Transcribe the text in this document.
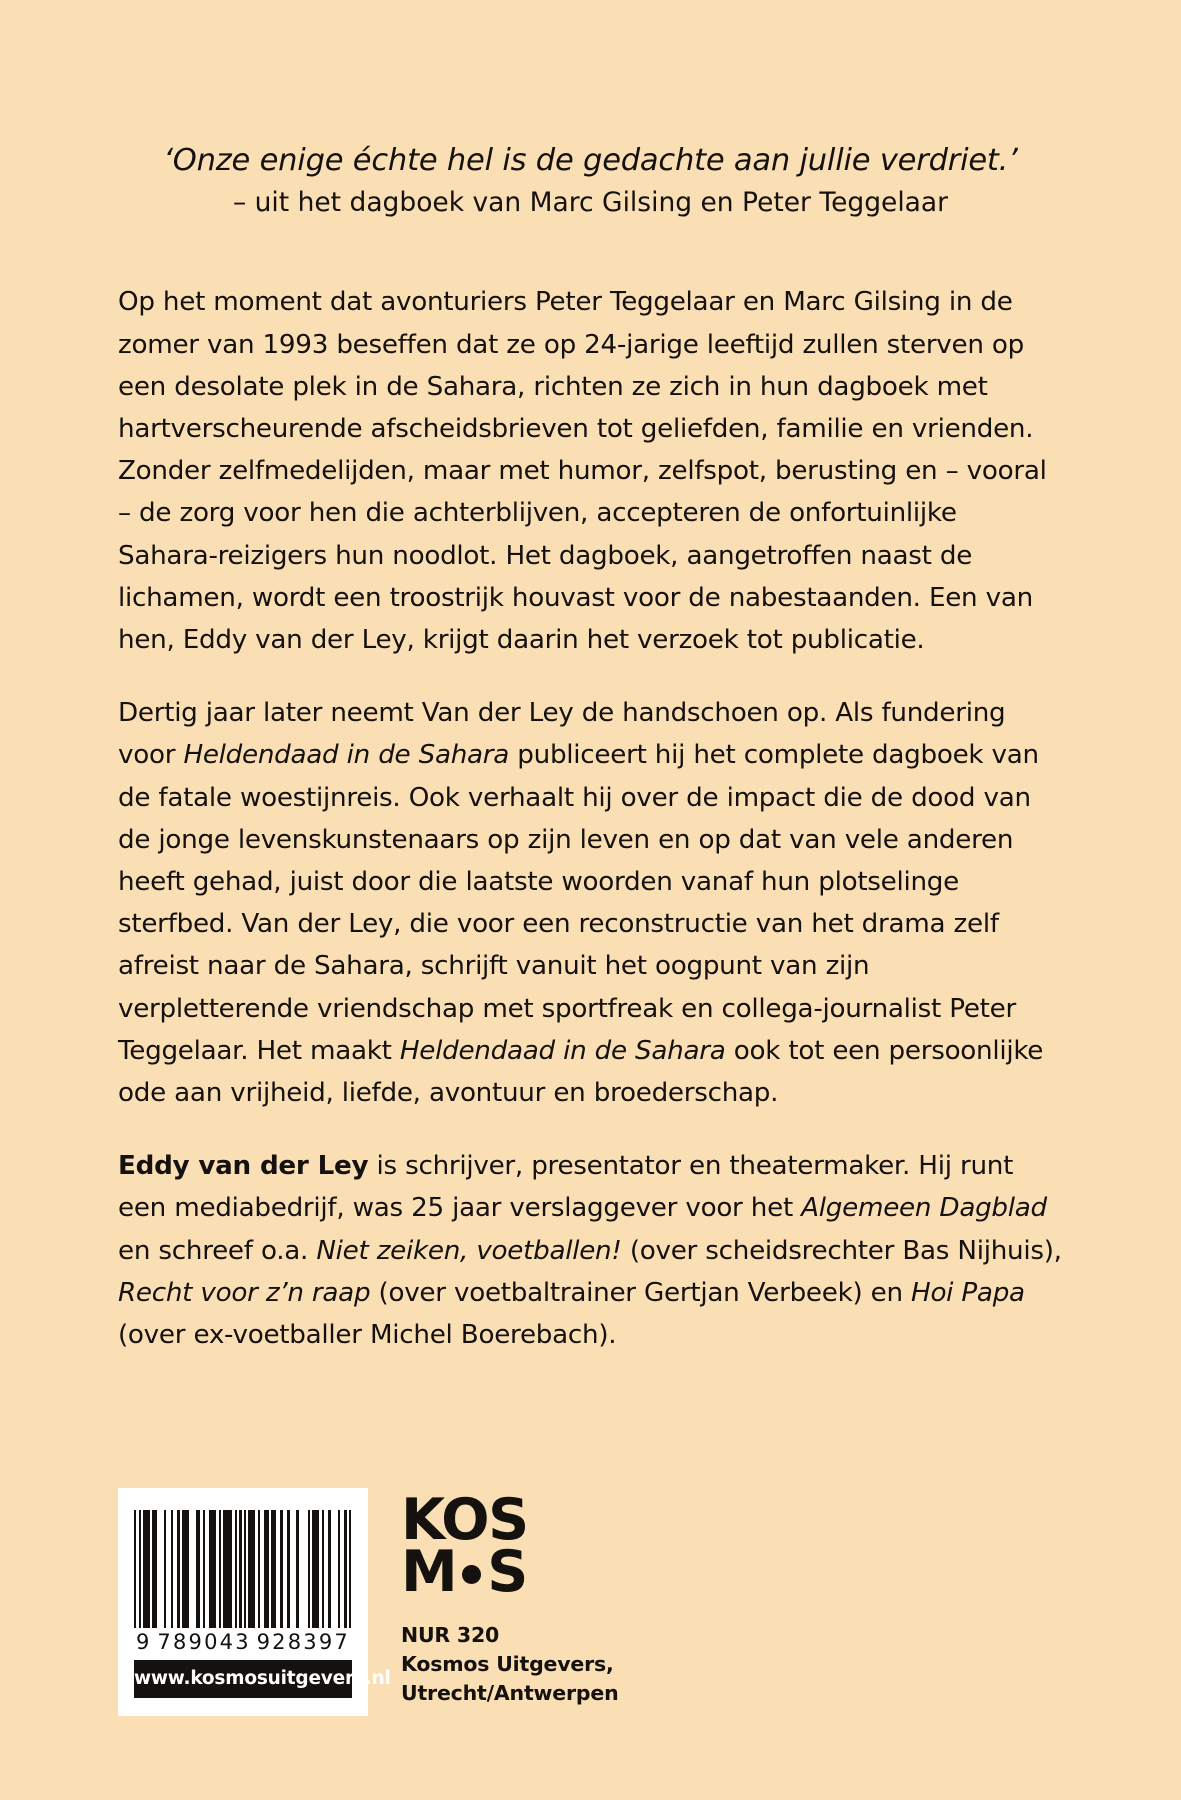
‘Onze enige échte hel is de gedachte aan jullie verdriet.’
– uit het dagboek van Marc Gilsing en Peter Teggelaar

Op het moment dat avonturiers Peter Teggelaar en Marc Gilsing in de zomer van 1993 beseffen dat ze op 24-jarige leeftijd zullen sterven op een desolate plek in de Sahara, richten ze zich in hun dagboek met hartverscheurende afscheidsbrieven tot geliefden, familie en vrienden. Zonder zelfmedelijden, maar met humor, zelfspot, berusting en – vooral – de zorg voor hen die achterblijven, accepteren de onfortuinlijke Sahara-reizigers hun noodlot. Het dagboek, aangetroffen naast de lichamen, wordt een troostrijk houvast voor de nabestaanden. Een van hen, Eddy van der Ley, krijgt daarin het verzoek tot publicatie.

Dertig jaar later neemt Van der Ley de handschoen op. Als fundering voor Heldendaad in de Sahara publiceert hij het complete dagboek van de fatale woestijnreis. Ook verhaalt hij over de impact die de dood van de jonge levenskunstenaars op zijn leven en op dat van vele anderen heeft gehad, juist door die laatste woorden vanaf hun plotselinge sterfbed. Van der Ley, die voor een reconstructie van het drama zelf afreist naar de Sahara, schrijft vanuit het oogpunt van zijn verpletterende vriendschap met sportfreak en collega-journalist Peter Teggelaar. Het maakt Heldendaad in de Sahara ook tot een persoonlijke ode aan vrijheid, liefde, avontuur en broederschap.

Eddy van der Ley is schrijver, presentator en theatermaker. Hij runt een mediabedrijf, was 25 jaar verslaggever voor het Algemeen Dagblad en schreef o.a. Niet zeiken, voetballen! (over scheidsrechter Bas Nijhuis), Recht voor z’n raap (over voetbaltrainer Gertjan Verbeek) en Hoi Papa (over ex-voetballer Michel Boerebach).

9 789043 928397
www.kosmosuitgevers.nl
KOS
M S
NUR 320
Kosmos Uitgevers,
Utrecht/Antwerpen
